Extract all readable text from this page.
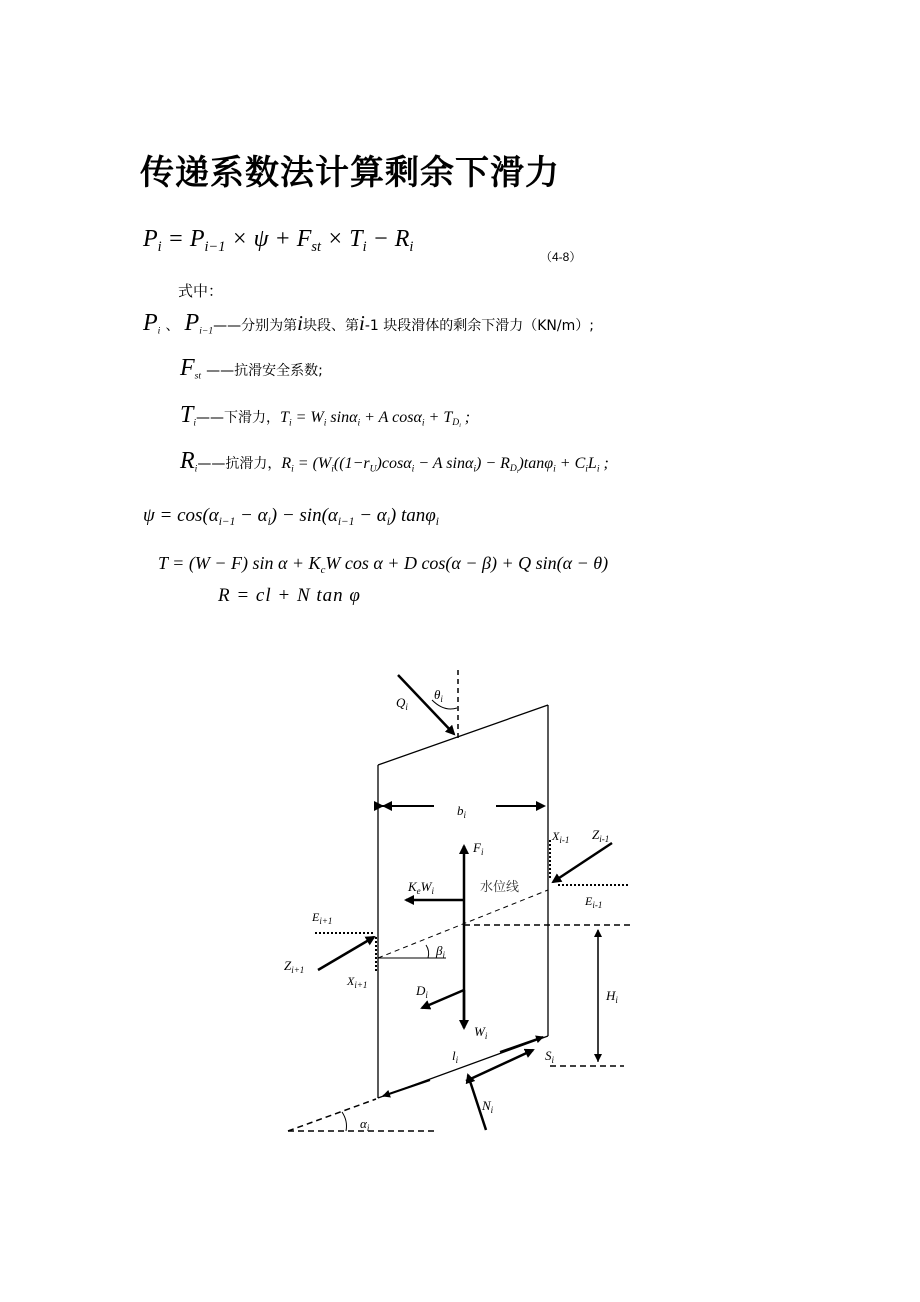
传递系数法计算剩余下滑力
$P_i = P_{i-1} \times \psi + F_{st} \times T_i - R_i$
（4-8）
式中：
$P_i$ 、 $P_{i-1}——$分别为第i块段、第i-1 块段滑体的剩余下滑力（KN/m）;
$F_{st}$ ——抗滑安全系数;
$T_i——$下滑力，$T_i = W_i$ sinα$_i$ + A $\cos\alpha_i + T_{D_i}$ ;
$R_i——$抗滑力，$R_i = (W_i((1-r_U)\cos\alpha_i - A$ $\sin\alpha_i) - R_{D_i})\tan\varphi_i + C_iL_i$ ;
$\psi = \cos(\alpha_{i-1} - \alpha_i) - \sin(\alpha_{i-1} - \alpha_i)$ tanφ$_i$
T = (W − F) $\sin \alpha + K_cW$ cos α + D cos(α − β) + Q sin(α − θ)
R = cl + N tan φ
$Q_i$
$\theta_i$
$b_i$
$F_i$
$W_i$
$K_eW_i$
$D_i$
水位线
$\beta_i$
$X_{i-1}$ $Z_{i-1}$
$E_{i-1}$
$E_{i+1}$
$Z_{i+1}$
$X_{i+1}$
$H_i$
$l_i$	$S_i$
$N_i$
$\alpha_i$
